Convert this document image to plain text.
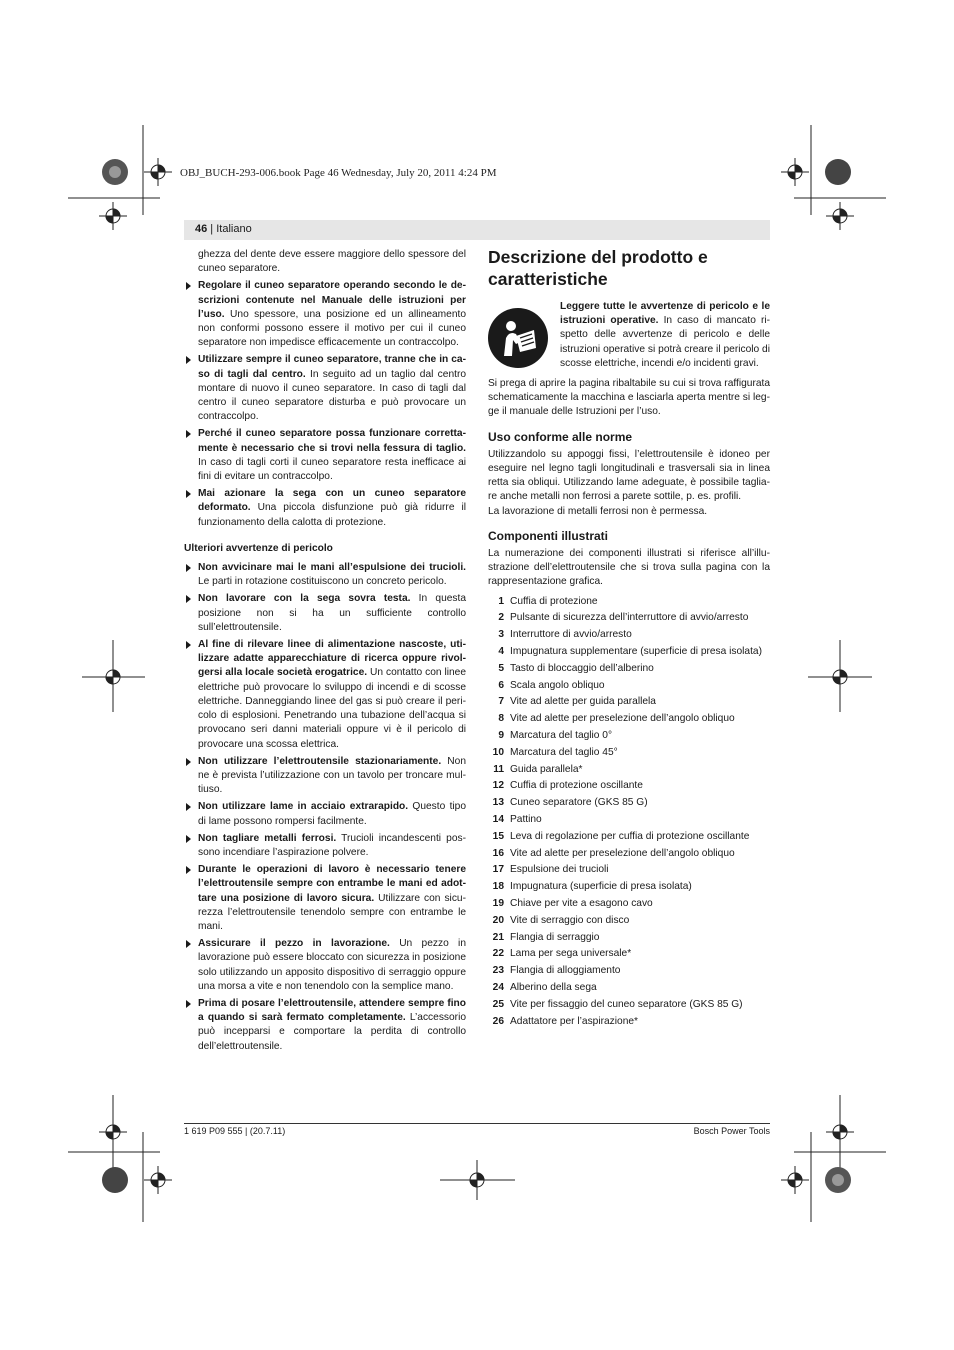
OBJ_BUCH-293-006.book Page 46 Wednesday, July 20, 2011 4:24 PM
46 | Italiano
ghezza del dente deve essere maggiore dello spessore del cuneo separatore.
Regolare il cuneo separatore operando secondo le descrizioni contenute nel Manuale delle istruzioni per l’uso. Uno spessore, una posizione ed un allineamento non conformi possono essere il motivo per cui il cuneo separatore non impedisce efficacemente un contraccolpo.
Utilizzare sempre il cuneo separatore, tranne che in caso di tagli dal centro. In seguito ad un taglio dal centro montare di nuovo il cuneo separatore. In caso di tagli dal centro il cuneo separatore disturba e può provocare un contraccolpo.
Perché il cuneo separatore possa funzionare correttamente è necessario che si trovi nella fessura di taglio. In caso di tagli corti il cuneo separatore resta inefficace ai fini di evitare un contraccolpo.
Mai azionare la sega con un cuneo separatore deformato. Una piccola disfunzione può già ridurre il funzionamento della calotta di protezione.
Ulteriori avvertenze di pericolo
Non avvicinare mai le mani all’espulsione dei trucioli. Le parti in rotazione costituiscono un concreto pericolo.
Non lavorare con la sega sovra testa. In questa posizione non si ha un sufficiente controllo sull’elettroutensile.
Al fine di rilevare linee di alimentazione nascoste, utilizzare adatte apparecchiature di ricerca oppure rivolgersi alla locale società erogatrice. Un contatto con linee elettriche può provocare lo sviluppo di incendi e di scosse elettriche. Danneggiando linee del gas si può creare il pericolo di esplosioni. Penetrando una tubazione dell’acqua si provocano seri danni materiali oppure vi è il pericolo di provocare una scossa elettrica.
Non utilizzare l’elettroutensile stazionariamente. Non ne è prevista l’utilizzazione con un tavolo per troncare multiuso.
Non utilizzare lame in acciaio extrarapido. Questo tipo di lame possono rompersi facilmente.
Non tagliare metalli ferrosi. Trucioli incandescenti possono incendiare l’aspirazione polvere.
Durante le operazioni di lavoro è necessario tenere l’elettroutensile sempre con entrambe le mani ed adottare una posizione di lavoro sicura. Utilizzare con sicurezza l’elettroutensile tenendolo sempre con entrambe le mani.
Assicurare il pezzo in lavorazione. Un pezzo in lavorazione può essere bloccato con sicurezza in posizione solo utilizzando un apposito dispositivo di serraggio oppure una morsa a vite e non tenendolo con la semplice mano.
Prima di posare l’elettroutensile, attendere sempre fino a quando si sarà fermato completamente. L’accessorio può incepparsi e comportare la perdita di controllo dell’elettroutensile.
Descrizione del prodotto e caratteristiche
Leggere tutte le avvertenze di pericolo e le istruzioni operative. In caso di mancato rispetto delle avvertenze di pericolo e delle istruzioni operative si potrà creare il pericolo di scosse elettriche, incendi e/o incidenti gravi.
Si prega di aprire la pagina ribaltabile su cui si trova raffigurata schematicamente la macchina e lasciarla aperta mentre si legge il manuale delle Istruzioni per l’uso.
Uso conforme alle norme
Utilizzandolo su appoggi fissi, l’elettroutensile è idoneo per eseguire nel legno tagli longitudinali e trasversali sia in linea retta sia obliqui. Utilizzando lame adeguate, è possibile tagliare anche metalli non ferrosi a parete sottile, p. es. profili.
La lavorazione di metalli ferrosi non è permessa.
Componenti illustrati
La numerazione dei componenti illustrati si riferisce all’illustrazione dell’elettroutensile che si trova sulla pagina con la rappresentazione grafica.
1 Cuffia di protezione
2 Pulsante di sicurezza dell’interruttore di avvio/arresto
3 Interruttore di avvio/arresto
4 Impugnatura supplementare (superficie di presa isolata)
5 Tasto di bloccaggio dell’alberino
6 Scala angolo obliquo
7 Vite ad alette per guida parallela
8 Vite ad alette per preselezione dell’angolo obliquo
9 Marcatura del taglio 0°
10 Marcatura del taglio 45°
11 Guida parallela*
12 Cuffia di protezione oscillante
13 Cuneo separatore (GKS 85 G)
14 Pattino
15 Leva di regolazione per cuffia di protezione oscillante
16 Vite ad alette per preselezione dell’angolo obliquo
17 Espulsione dei trucioli
18 Impugnatura (superficie di presa isolata)
19 Chiave per vite a esagono cavo
20 Vite di serraggio con disco
21 Flangia di serraggio
22 Lama per sega universale*
23 Flangia di alloggiamento
24 Alberino della sega
25 Vite per fissaggio del cuneo separatore (GKS 85 G)
26 Adattatore per l’aspirazione*
1 619 P09 555 | (20.7.11)	Bosch Power Tools
